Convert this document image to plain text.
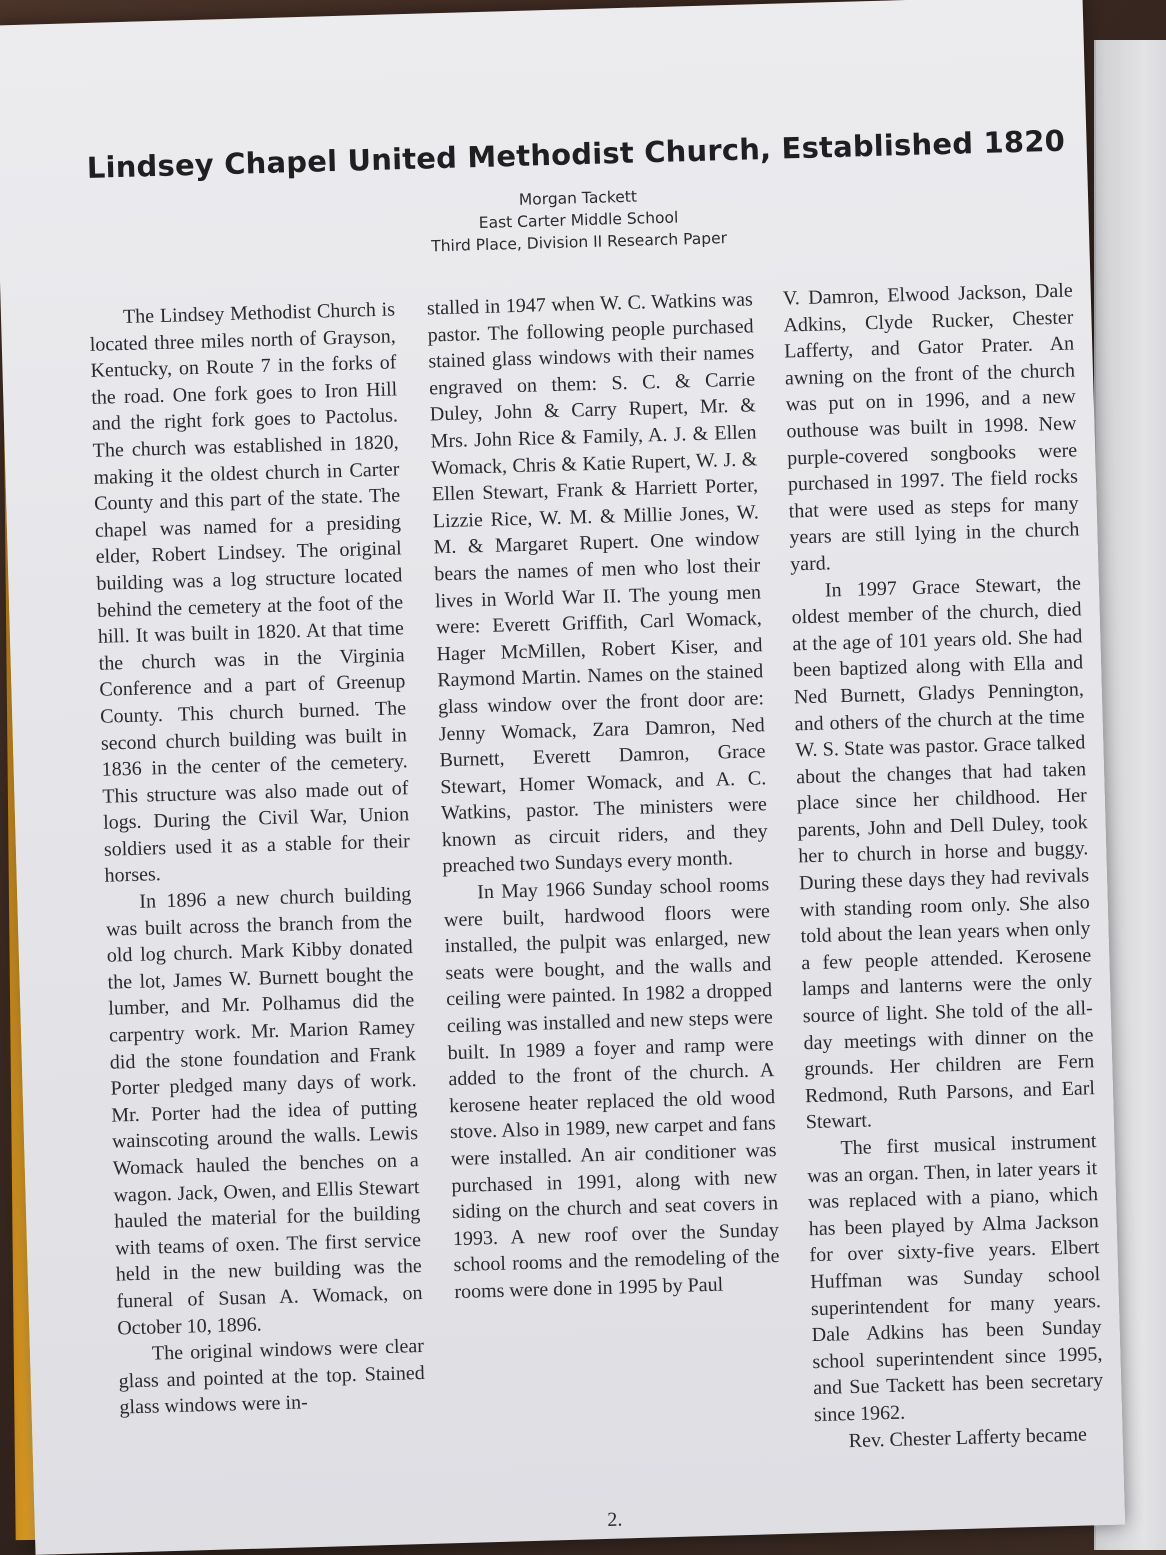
Lindsey Chapel United Methodist Church, Established 1820
Morgan Tackett
East Carter Middle School
Third Place, Division II Research Paper

The Lindsey Methodist Church is located three miles north of Grayson, Kentucky, on Route 7 in the forks of the road. One fork goes to Iron Hill and the right fork goes to Pactolus. The church was established in 1820, making it the oldest church in Carter County and this part of the state. The chapel was named for a presiding elder, Robert Lindsey. The original building was a log structure located behind the cemetery at the foot of the hill. It was built in 1820. At that time the church was in the Virginia Conference and a part of Greenup County. This church burned. The second church building was built in 1836 in the center of the cemetery. This structure was also made out of logs. During the Civil War, Union soldiers used it as a stable for their horses.

In 1896 a new church building was built across the branch from the old log church. Mark Kibby donated the lot, James W. Burnett bought the lumber, and Mr. Polhamus did the carpentry work. Mr. Marion Ramey did the stone foundation and Frank Porter pledged many days of work. Mr. Porter had the idea of putting wainscoting around the walls. Lewis Womack hauled the benches on a wagon. Jack, Owen, and Ellis Stewart hauled the material for the building with teams of oxen. The first service held in the new building was the funeral of Susan A. Womack, on October 10, 1896.

The original windows were clear glass and pointed at the top. Stained glass windows were in-

stalled in 1947 when W. C. Watkins was pastor. The following people purchased stained glass windows with their names engraved on them: S. C. & Carrie Duley, John & Carry Rupert, Mr. & Mrs. John Rice & Family, A. J. & Ellen Womack, Chris & Katie Rupert, W. J. & Ellen Stewart, Frank & Harriett Porter, Lizzie Rice, W. M. & Millie Jones, W. M. & Margaret Rupert. One window bears the names of men who lost their lives in World War II. The young men were: Everett Griffith, Carl Womack, Hager McMillen, Robert Kiser, and Raymond Martin. Names on the stained glass window over the front door are: Jenny Womack, Zara Damron, Ned Burnett, Everett Damron, Grace Stewart, Homer Womack, and A. C. Watkins, pastor. The ministers were known as circuit riders, and they preached two Sundays every month.

In May 1966 Sunday school rooms were built, hardwood floors were installed, the pulpit was enlarged, new seats were bought, and the walls and ceiling were painted. In 1982 a dropped ceiling was installed and new steps were built. In 1989 a foyer and ramp were added to the front of the church. A kerosene heater replaced the old wood stove. Also in 1989, new carpet and fans were installed. An air conditioner was purchased in 1991, along with new siding on the church and seat covers in 1993. A new roof over the Sunday school rooms and the remodeling of the rooms were done in 1995 by Paul

V. Damron, Elwood Jackson, Dale Adkins, Clyde Rucker, Chester Lafferty, and Gator Prater. An awning on the front of the church was put on in 1996, and a new outhouse was built in 1998. New purple-covered songbooks were purchased in 1997. The field rocks that were used as steps for many years are still lying in the church yard.

In 1997 Grace Stewart, the oldest member of the church, died at the age of 101 years old. She had been baptized along with Ella and Ned Burnett, Gladys Pennington, and others of the church at the time W. S. State was pastor. Grace talked about the changes that had taken place since her childhood. Her parents, John and Dell Duley, took her to church in horse and buggy. During these days they had revivals with standing room only. She also told about the lean years when only a few people attended. Kerosene lamps and lanterns were the only source of light. She told of the all-day meetings with dinner on the grounds. Her children are Fern Redmond, Ruth Parsons, and Earl Stewart.

The first musical instrument was an organ. Then, in later years it was replaced with a piano, which has been played by Alma Jackson for over sixty-five years. Elbert Huffman was Sunday school superintendent for many years. Dale Adkins has been Sunday school superintendent since 1995, and Sue Tackett has been secretary since 1962.

Rev. Chester Lafferty became

2.
